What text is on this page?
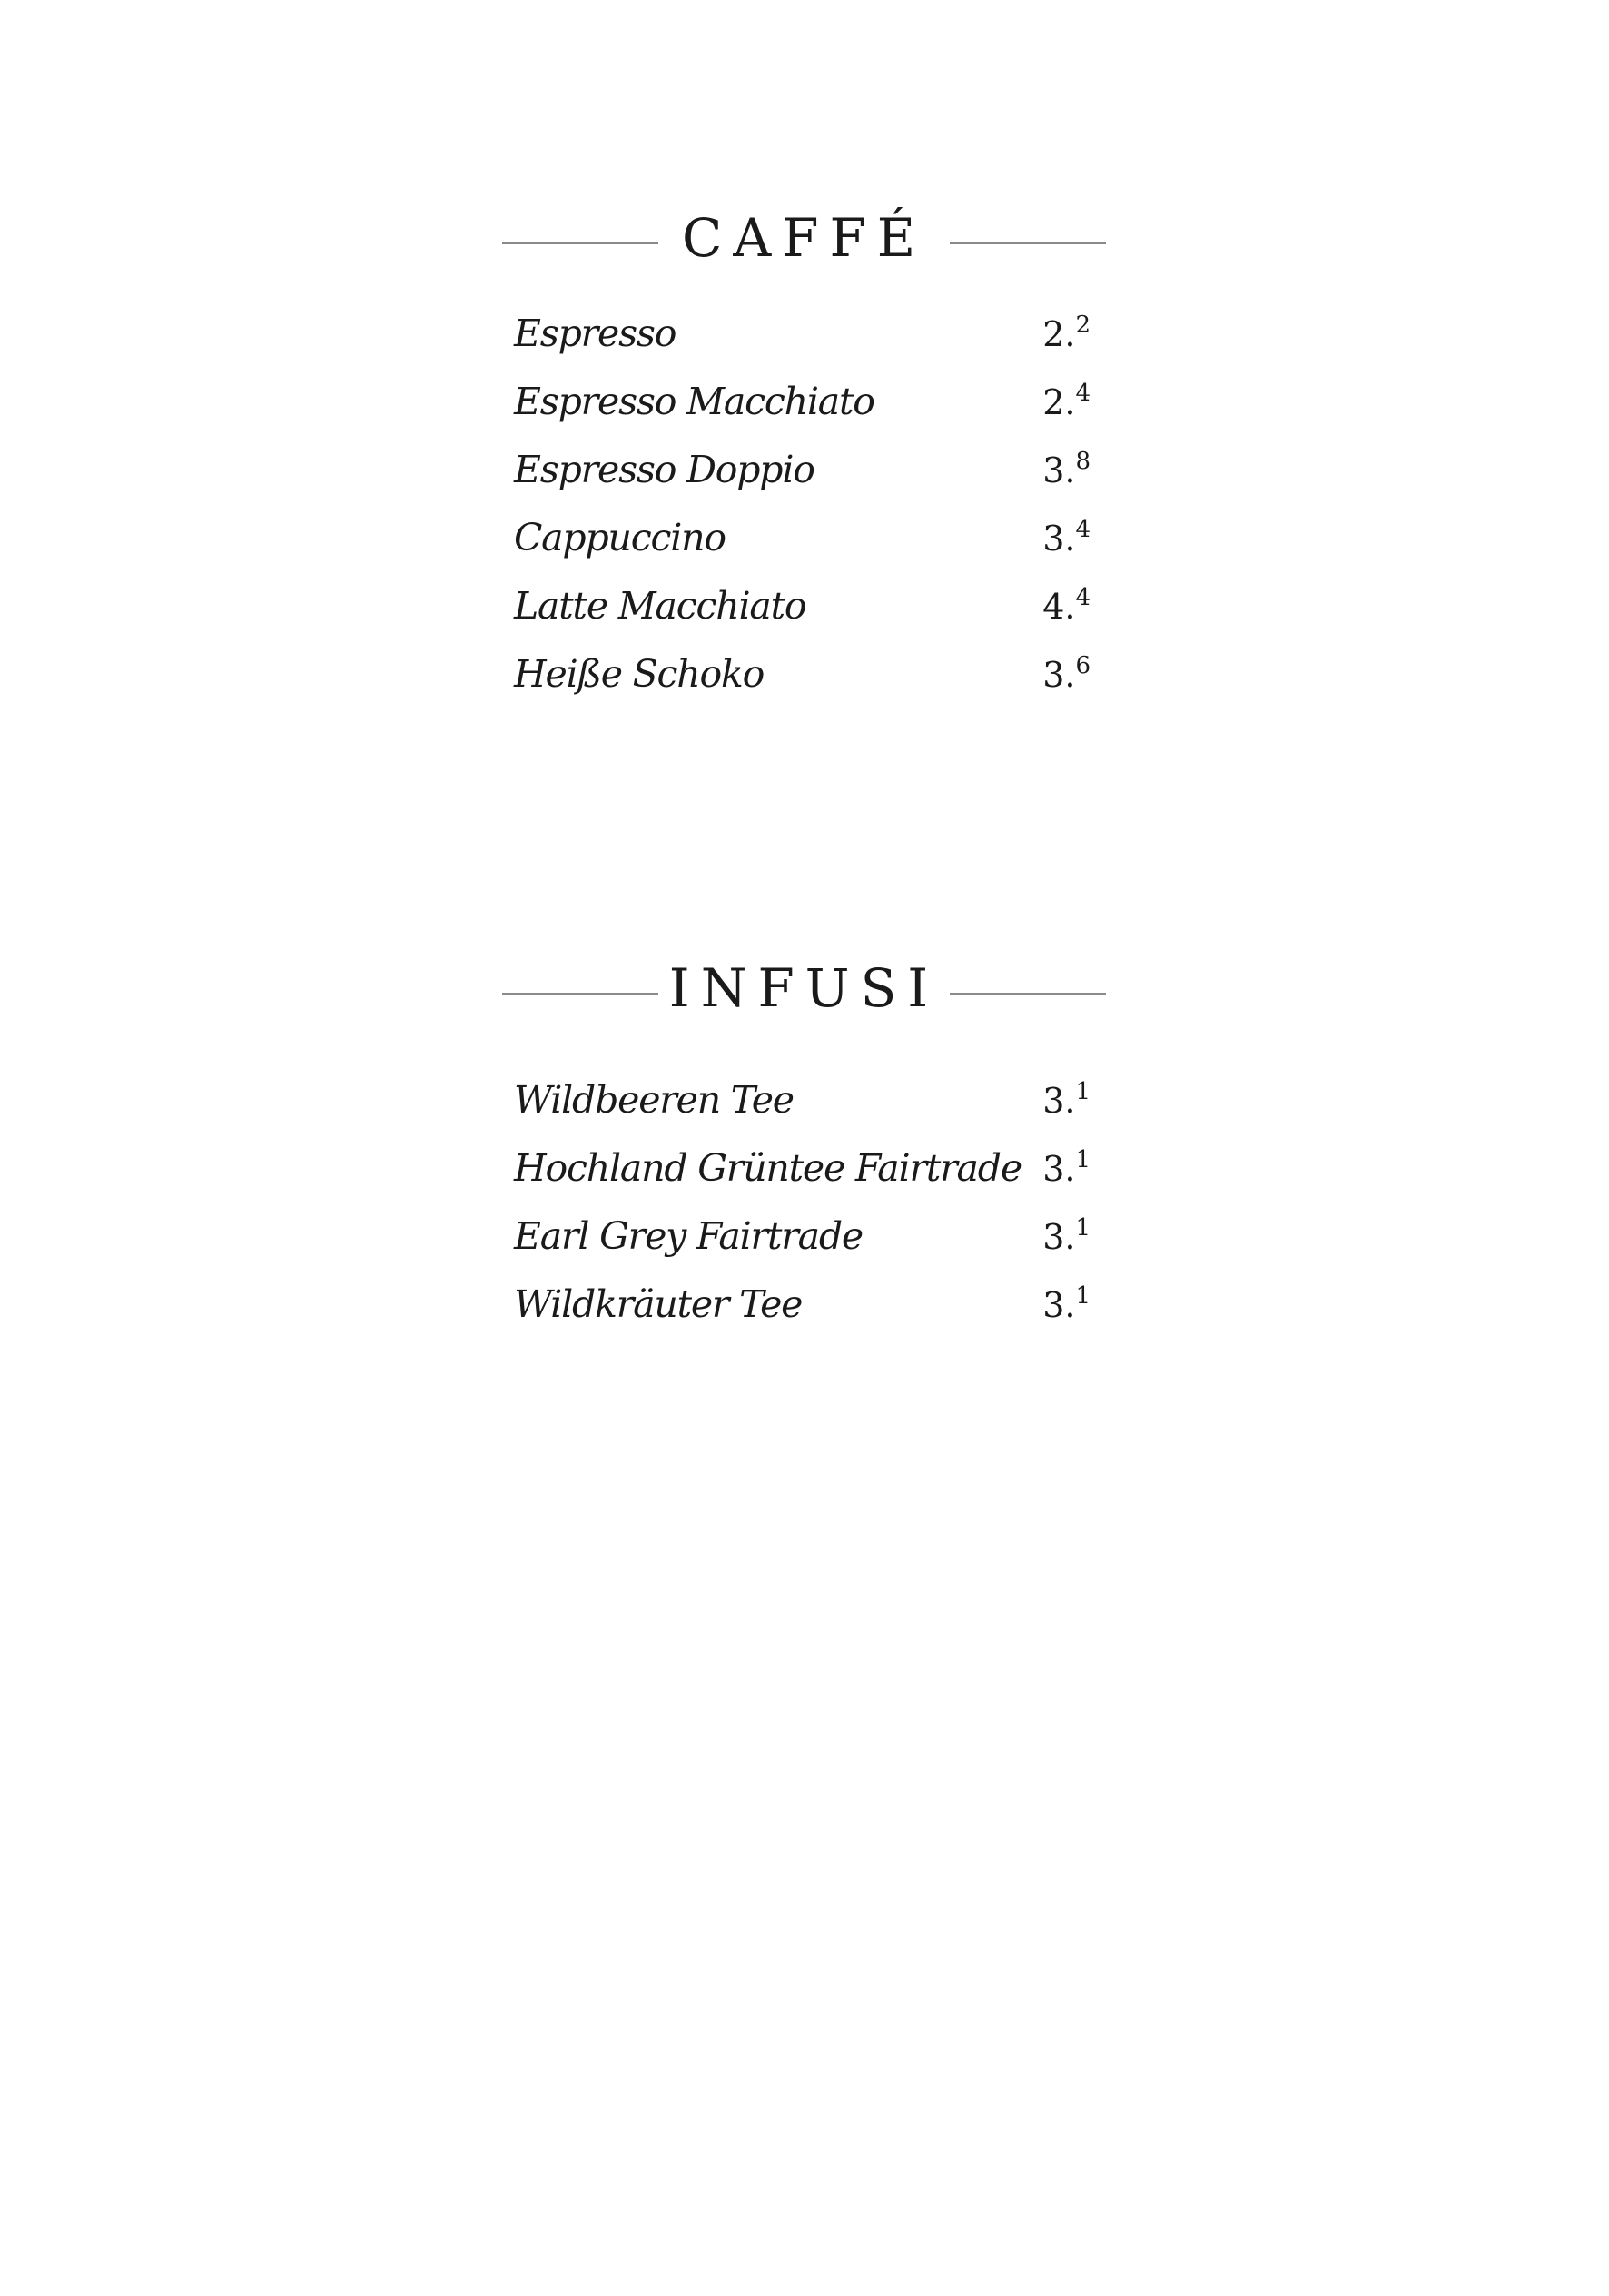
CAFFÉ
Espresso	2.$^2$
Espresso Macchiato	2.$^4$
Espresso Doppio	3.$^8$
Cappuccino	3.$^4$
Latte Macchiato	4.$^4$
Heiße Schoko	3.$^6$
INFUSI
Wildbeeren Tee	3.$^1$
Hochland Grüntee Fairtrade 3.$^1$
Earl Grey Fairtrade	3.$^1$
Wildkräuter Tee	3.$^1$
